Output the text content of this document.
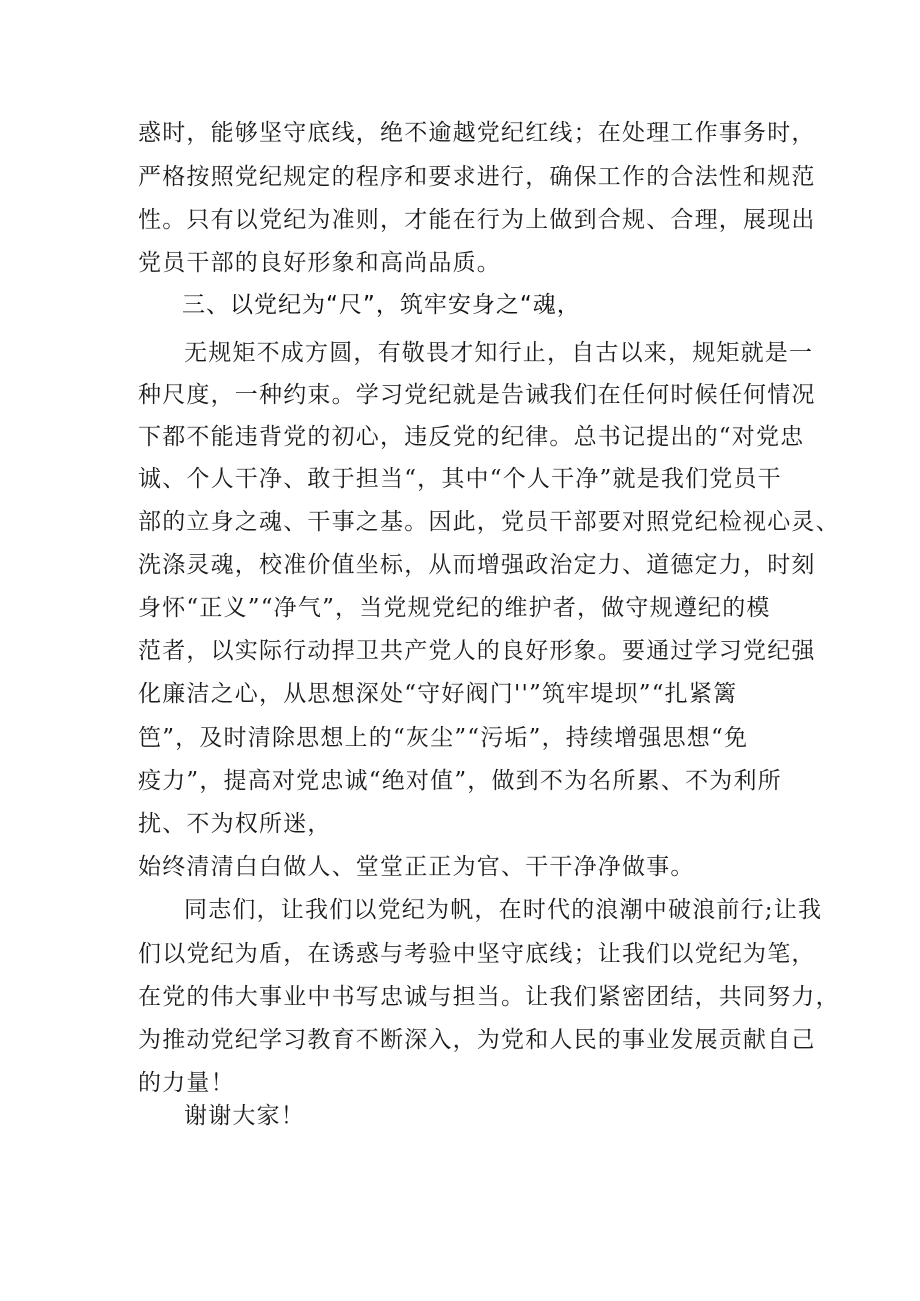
惑时，能够坚守底线，绝不逾越党纪红线；在处理工作事务时，
严格按照党纪规定的程序和要求进行，确保工作的合法性和规范
性。只有以党纪为准则，才能在行为上做到合规、合理，展现出
党员干部的良好形象和高尚品质。
三、以党纪为“尺”，筑牢安身之“魂，
无规矩不成方圆，有敬畏才知行止，自古以来，规矩就是一
种尺度，一种约束。学习党纪就是告诫我们在任何时候任何情况
下都不能违背党的初心，违反党的纪律。总书记提出的“对党忠
诚、个人干净、敢于担当“，其中“个人干净”就是我们党员干
部的立身之魂、干事之基。因此，党员干部要对照党纪检视心灵、
洗涤灵魂，校准价值坐标，从而增强政治定力、道德定力，时刻
身怀“正义”“净气”，当党规党纪的维护者，做守规遵纪的模
范者，以实际行动捍卫共产党人的良好形象。要通过学习党纪强
化廉洁之心，从思想深处“守好阀门''”筑牢堤坝”“扎紧篱
笆”，及时清除思想上的“灰尘”“污垢”，持续增强思想“免
疫力”，提高对党忠诚“绝对值”，做到不为名所累、不为利所
扰、不为权所迷，
始终清清白白做人、堂堂正正为官、干干净净做事。
同志们，让我们以党纪为帆，在时代的浪潮中破浪前行;让我
们以党纪为盾，在诱惑与考验中坚守底线；让我们以党纪为笔，
在党的伟大事业中书写忠诚与担当。让我们紧密团结，共同努力，
为推动党纪学习教育不断深入，为党和人民的事业发展贡献自己
的力量！
谢谢大家！
